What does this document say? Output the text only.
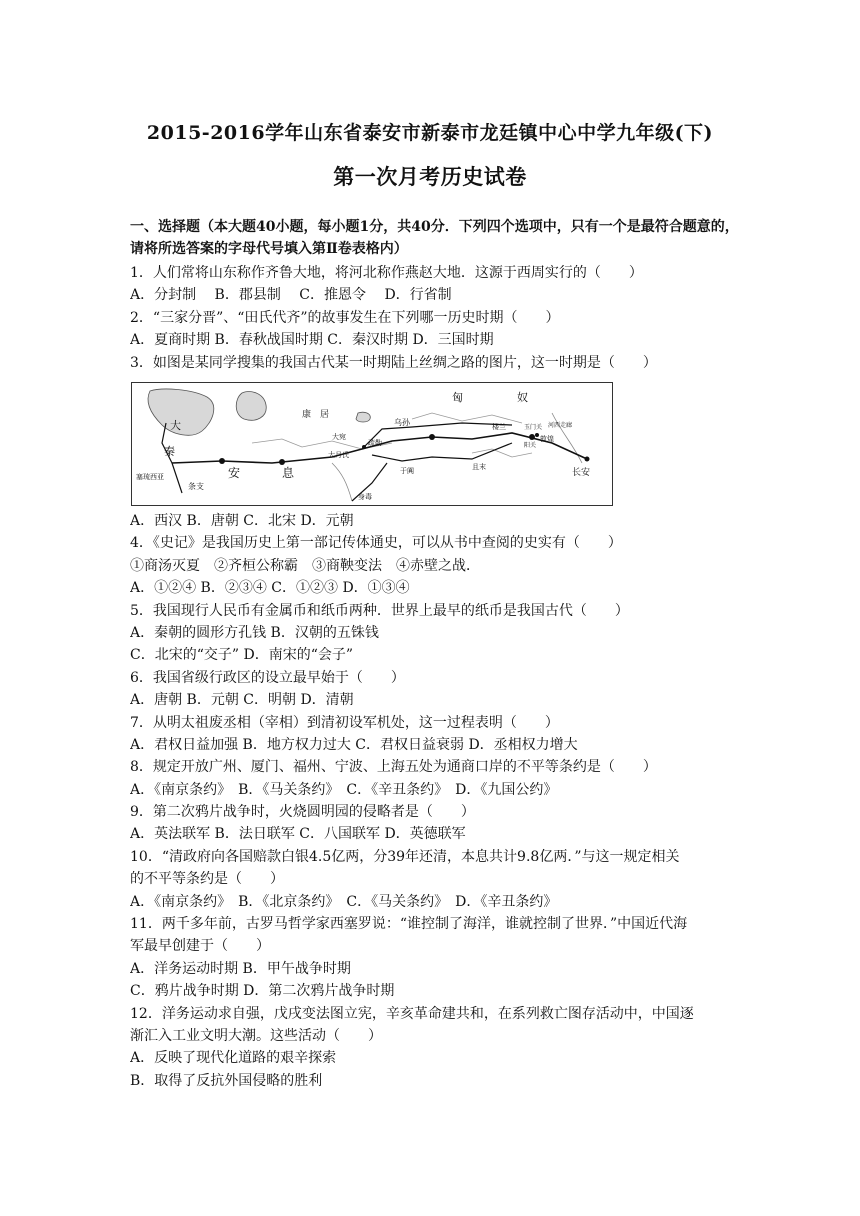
2015-2016学年山东省泰安市新泰市龙廷镇中心中学九年级(下)
第一次月考历史试卷
一、选择题（本大题40小题，每小题1分，共40分．下列四个选项中，只有一个是最符合题意的，请将所选答案的字母代号填入第Ⅱ卷表格内）
1．人们常将山东称作齐鲁大地，将河北称作燕赵大地．这源于西周实行的（　　）
A．分封制　 B．郡县制　 C．推恩令　 D．行省制
2．“三家分晋”、“田氏代齐”的故事发生在下列哪一历史时期（　　）
A．夏商时期 B．春秋战国时期 C．秦汉时期 D．三国时期
3．如图是某同学搜集的我国古代某一时期陆上丝绸之路的图片，这一时期是（　　）
匈	奴
大
秦
康　居
乌孙
大宛
疏勒
大月氏
于阗
安	息
塞琉西亚
条支
身毒
且末
楼兰	玉门关
阳关
敦煌
河西走廊
长安
A．西汉 B．唐朝 C．北宋 D．元朝
4．《史记》是我国历史上第一部记传体通史，可以从书中查阅的史实有（　　）
①商汤灭夏　②齐桓公称霸　③商鞅变法　④赤壁之战．
A．①②④ B．②③④ C．①②③ D．①③④
5．我国现行人民币有金属币和纸币两种．世界上最早的纸币是我国古代（　　）
A．秦朝的圆形方孔钱 B．汉朝的五铢钱
C．北宋的“交子” D．南宋的“会子”
6．我国省级行政区的设立最早始于（　　）
A．唐朝 B．元朝 C．明朝 D．清朝
7．从明太祖废丞相（宰相）到清初设军机处，这一过程表明（　　）
A．君权日益加强 B．地方权力过大 C．君权日益衰弱 D．丞相权力增大
8．规定开放广州、厦门、福州、宁波、上海五处为通商口岸的不平等条约是（　　）
A．《南京条约》　B．《马关条约》　C．《辛丑条约》　D．《九国公约》
9．第二次鸦片战争时，火烧圆明园的侵略者是（　　）
A．英法联军 B．法日联军 C．八国联军 D．英德联军
10．“清政府向各国赔款白银4.5亿两，分39年还清，本息共计9.8亿两．”与这一规定相关
的不平等条约是（　　）
A．《南京条约》　B．《北京条约》　C．《马关条约》　D．《辛丑条约》
11．两千多年前，古罗马哲学家西塞罗说：“谁控制了海洋，谁就控制了世界．”中国近代海
军最早创建于（　　）
A．洋务运动时期 B．甲午战争时期
C．鸦片战争时期 D．第二次鸦片战争时期
12．洋务运动求自强，戊戌变法图立宪，辛亥革命建共和，在系列救亡图存活动中，中国逐
渐汇入工业文明大潮。这些活动（　　）
A．反映了现代化道路的艰辛探索
B．取得了反抗外国侵略的胜利
